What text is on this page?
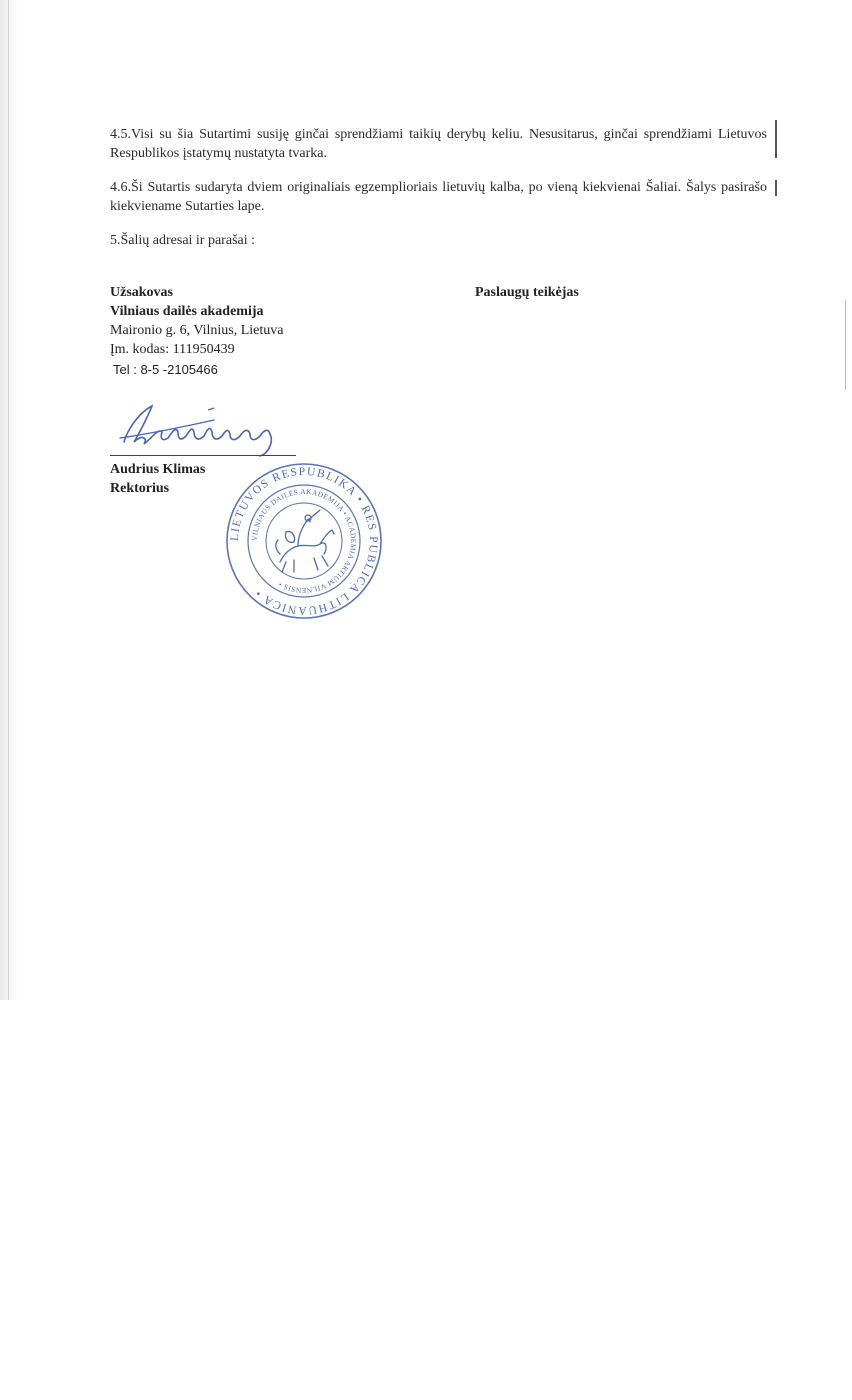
4.5.Visi su šia Sutartimi susiję ginčai sprendžiami taikių derybų keliu. Nesusitarus, ginčai sprendžiami Lietuvos Respublikos įstatymų nustatyta tvarka.

4.6.Ši Sutartis sudaryta dviem originaliais egzemplioriais lietuvių kalba, po vieną kiekvienai Šaliai. Šalys pasirašo kiekviename Sutarties lape.

5.Šalių adresai ir parašai :

Užsakovas
Vilniaus dailės akademija
Maironio g. 6, Vilnius, Lietuva
Įm. kodas: 111950439
Tel : 8-5 -2105466
Paslaugų teikėjas
Audrius Klimas
Rektorius
LIETUVOS RESPUBLIKA • RES PUBLICA LITHUANICA •
VILNIAUS DAILĖS AKADEMIJA • ACADEMIA ARTIUM VILNENSIS •
